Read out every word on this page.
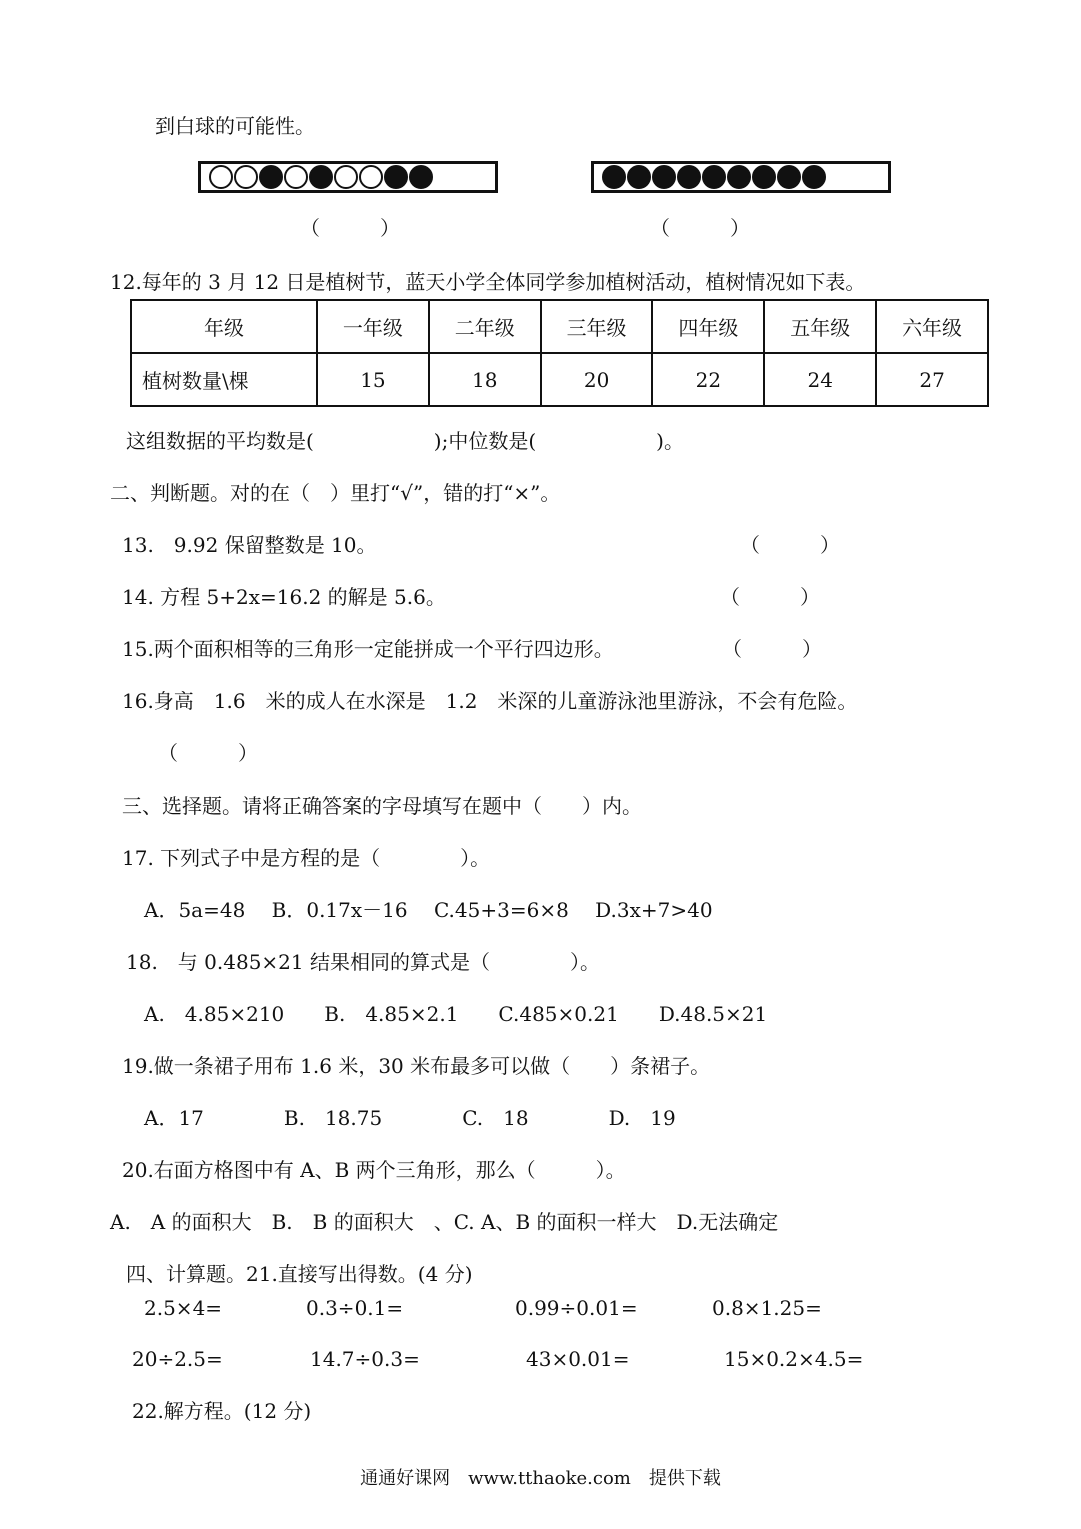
到白球的可能性。
（　　　）	（　　　）
12.每年的 3 月 12 日是植树节，蓝天小学全体同学参加植树活动，植树情况如下表。
年级	一年级	二年级	三年级	四年级	五年级	六年级
植树数量\棵	15	18	20	22	24	27
这组数据的平均数是(　　　　　　);中位数是(　　　　　　)。
二、判断题。对的在（　）里打“√”，错的打“×”。
13.　9.92 保留整数是 10。	（　　　）
14. 方程 5+2x=16.2 的解是 5.6。	（　　　）
15.两个面积相等的三角形一定能拼成一个平行四边形。	（　　　）
16.身高　1.6　米的成人在水深是　1.2　米深的儿童游泳池里游泳，不会有危险。
（　　　）
三、选择题。请将正确答案的字母填写在题中（　　）内。
17. 下列式子中是方程的是（　　　　）。
A．5a=48　 B．0.17x－16　 C.45+3=6×8　 D.3x+7>40
18.　与 0.485×21 结果相同的算式是（　　　　）。
A.　4.85×210　　B.　4.85×2.1　　C.485×0.21　　D.48.5×21
19.做一条裙子用布 1.6 米，30 米布最多可以做（　　）条裙子。
A．17　　　　B.　18.75　　　　C.　18　　　　D.　19
20.右面方格图中有 A、B 两个三角形，那么（　　　）。
A.　A 的面积大　B.　B 的面积大　、C. A、B 的面积一样大　D.无法确定
四、计算题。21.直接写出得数。(4 分)
2.5×4=	0.3÷0.1=	0.99÷0.01=	0.8×1.25=
20÷2.5=	14.7÷0.3=	43×0.01=	15×0.2×4.5=
22.解方程。(12 分)
通通好课网　www.tthaoke.com　提供下载
